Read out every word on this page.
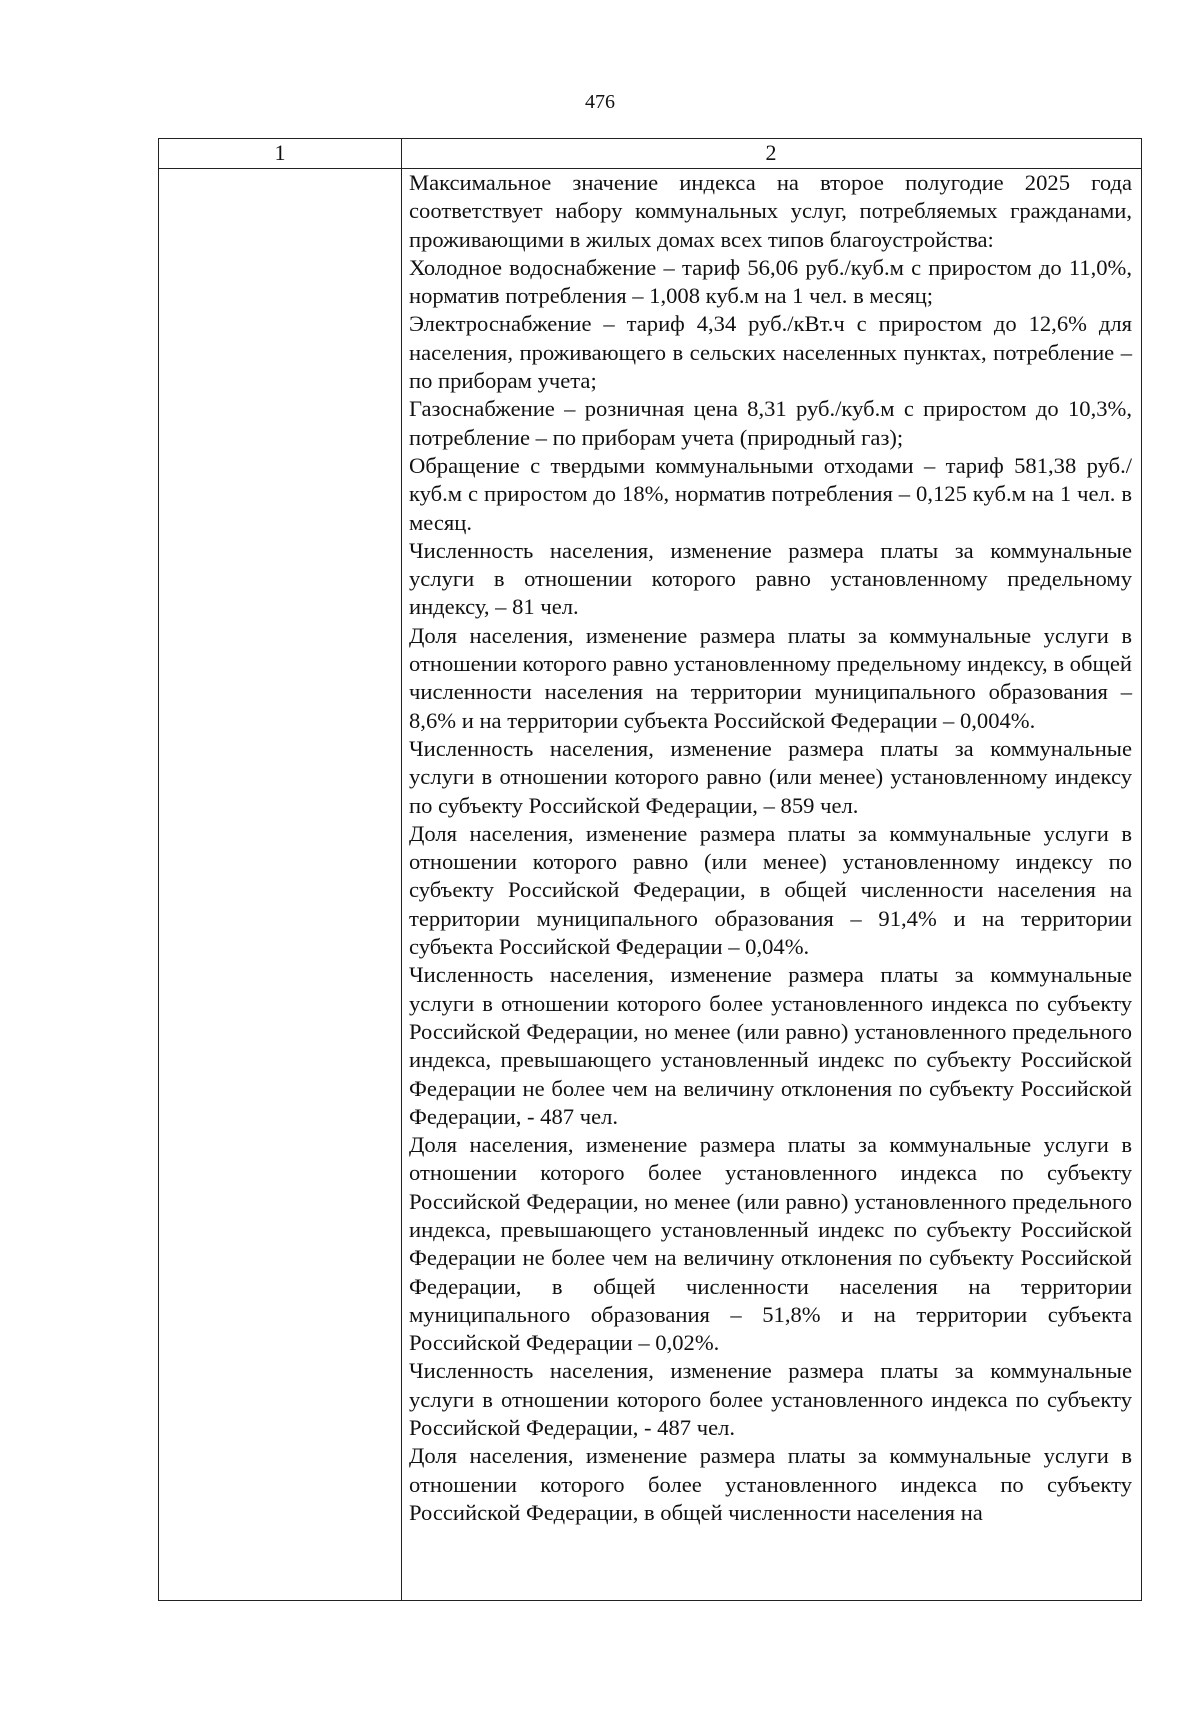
476
1	2

Максимальное значение индекса на второе полугодие 2025 года соответствует набору коммунальных услуг, потребляемых гражданами, проживающими в жилых домах всех типов благоустройства:

Холодное водоснабжение – тариф 56,06 руб./куб.м с приростом до 11,0%, норматив потребления – 1,008 куб.м на 1 чел. в месяц;

Электроснабжение – тариф 4,34 руб./кВт.ч с приростом до 12,6% для населения, проживающего в сельских населенных пунктах, потребление – по приборам учета;

Газоснабжение – розничная цена 8,31 руб./куб.м с приростом до 10,3%, потребление – по приборам учета (природный газ);

Обращение с твердыми коммунальными отходами – тариф 581,38 руб./куб.м с приростом до 18%, норматив потребления – 0,125 куб.м на 1 чел. в месяц.

Численность населения, изменение размера платы за коммунальные услуги в отношении которого равно установленному предельному индексу, – 81 чел.

Доля населения, изменение размера платы за коммунальные услуги в отношении которого равно установленному предельному индексу, в общей численности населения на территории муниципального образования – 8,6% и на территории субъекта Российской Федерации – 0,004%.

Численность населения, изменение размера платы за коммунальные услуги в отношении которого равно (или менее) установленному индексу по субъекту Российской Федерации, – 859 чел.

Доля населения, изменение размера платы за коммунальные услуги в отношении которого равно (или менее) установленному индексу по субъекту Российской Федерации, в общей численности населения на территории муниципального образования – 91,4% и на территории субъекта Российской Федерации – 0,04%.

Численность населения, изменение размера платы за коммунальные услуги в отношении которого более установленного индекса по субъекту Российской Федерации, но менее (или равно) установленного предельного индекса, превышающего установленный индекс по субъекту Российской Федерации не более чем на величину отклонения по субъекту Российской Федерации, - 487 чел.

Доля населения, изменение размера платы за коммунальные услуги в отношении которого более установленного индекса по субъекту Российской Федерации, но менее (или равно) установленного предельного индекса, превышающего установленный индекс по субъекту Российской Федерации не более чем на величину отклонения по субъекту Российской Федерации, в общей численности населения на территории муниципального образования – 51,8% и на территории субъекта Российской Федерации – 0,02%.

Численность населения, изменение размера платы за коммунальные услуги в отношении которого более установленного индекса по субъекту Российской Федерации, - 487 чел.

Доля населения, изменение размера платы за коммунальные услуги в отношении которого более установленного индекса по субъекту Российской Федерации, в общей численности населения на
